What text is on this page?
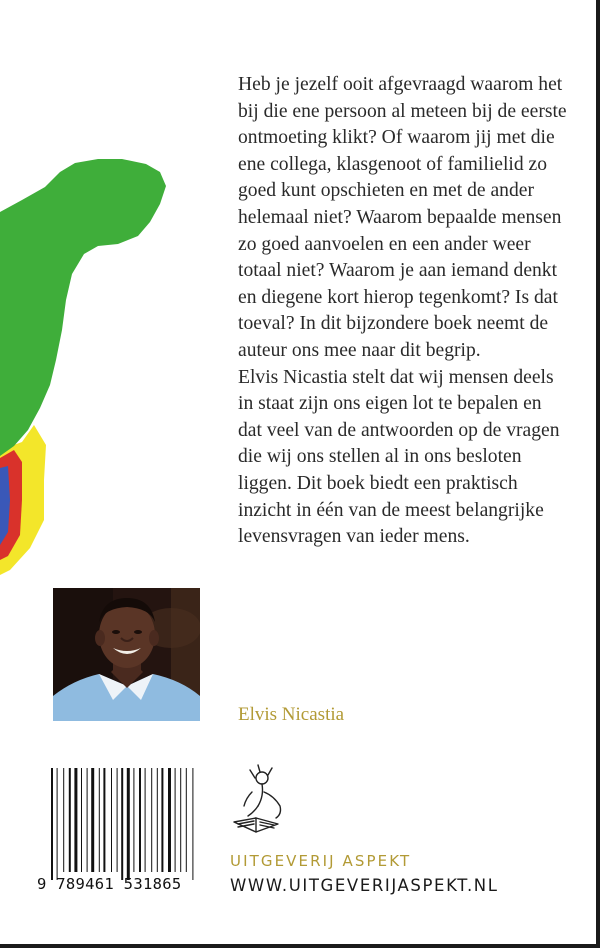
Heb je jezelf ooit afgevraagd waarom het bij die ene persoon al meteen bij de eerste ontmoeting klikt? Of waarom jij met die ene collega, klasgenoot of familielid zo goed kunt opschieten en met de ander helemaal niet? Waarom bepaalde mensen zo goed aanvoelen en een ander weer totaal niet? Waarom je aan iemand denkt en diegene kort hierop tegenkomt? Is dat toeval? In dit bijzondere boek neemt de auteur ons mee naar dit begrip.

Elvis Nicastia stelt dat wij mensen deels in staat zijn ons eigen lot te bepalen en dat veel van de antwoorden op de vragen die wij ons stellen al in ons besloten liggen. Dit boek biedt een praktisch inzicht in één van de meest belangrijke levensvragen van ieder mens.

Elvis Nicastia
9 789461 531865
UITGEVERIJ ASPEKT
WWW.UITGEVERIJASPEKT.NL
